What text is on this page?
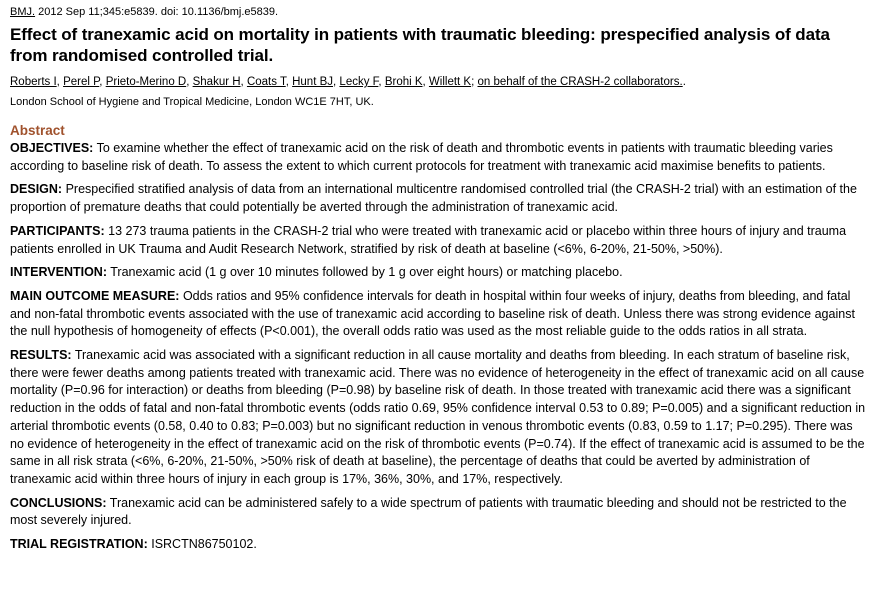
BMJ. 2012 Sep 11;345:e5839. doi: 10.1136/bmj.e5839.
Effect of tranexamic acid on mortality in patients with traumatic bleeding: prespecified analysis of data from randomised controlled trial.
Roberts I, Perel P, Prieto-Merino D, Shakur H, Coats T, Hunt BJ, Lecky F, Brohi K, Willett K; on behalf of the CRASH-2 collaborators..
London School of Hygiene and Tropical Medicine, London WC1E 7HT, UK.
Abstract

OBJECTIVES: To examine whether the effect of tranexamic acid on the risk of death and thrombotic events in patients with traumatic bleeding varies according to baseline risk of death. To assess the extent to which current protocols for treatment with tranexamic acid maximise benefits to patients.

DESIGN: Prespecified stratified analysis of data from an international multicentre randomised controlled trial (the CRASH-2 trial) with an estimation of the proportion of premature deaths that could potentially be averted through the administration of tranexamic acid.

PARTICIPANTS: 13 273 trauma patients in the CRASH-2 trial who were treated with tranexamic acid or placebo within three hours of injury and trauma patients enrolled in UK Trauma and Audit Research Network, stratified by risk of death at baseline (<6%, 6-20%, 21-50%, >50%).

INTERVENTION: Tranexamic acid (1 g over 10 minutes followed by 1 g over eight hours) or matching placebo.

MAIN OUTCOME MEASURE: Odds ratios and 95% confidence intervals for death in hospital within four weeks of injury, deaths from bleeding, and fatal and non-fatal thrombotic events associated with the use of tranexamic acid according to baseline risk of death. Unless there was strong evidence against the null hypothesis of homogeneity of effects (P<0.001), the overall odds ratio was used as the most reliable guide to the odds ratios in all strata.

RESULTS: Tranexamic acid was associated with a significant reduction in all cause mortality and deaths from bleeding. In each stratum of baseline risk, there were fewer deaths among patients treated with tranexamic acid. There was no evidence of heterogeneity in the effect of tranexamic acid on all cause mortality (P=0.96 for interaction) or deaths from bleeding (P=0.98) by baseline risk of death. In those treated with tranexamic acid there was a significant reduction in the odds of fatal and non-fatal thrombotic events (odds ratio 0.69, 95% confidence interval 0.53 to 0.89; P=0.005) and a significant reduction in arterial thrombotic events (0.58, 0.40 to 0.83; P=0.003) but no significant reduction in venous thrombotic events (0.83, 0.59 to 1.17; P=0.295). There was no evidence of heterogeneity in the effect of tranexamic acid on the risk of thrombotic events (P=0.74). If the effect of tranexamic acid is assumed to be the same in all risk strata (<6%, 6-20%, 21-50%, >50% risk of death at baseline), the percentage of deaths that could be averted by administration of tranexamic acid within three hours of injury in each group is 17%, 36%, 30%, and 17%, respectively.

CONCLUSIONS: Tranexamic acid can be administered safely to a wide spectrum of patients with traumatic bleeding and should not be restricted to the most severely injured.

TRIAL REGISTRATION: ISRCTN86750102.
